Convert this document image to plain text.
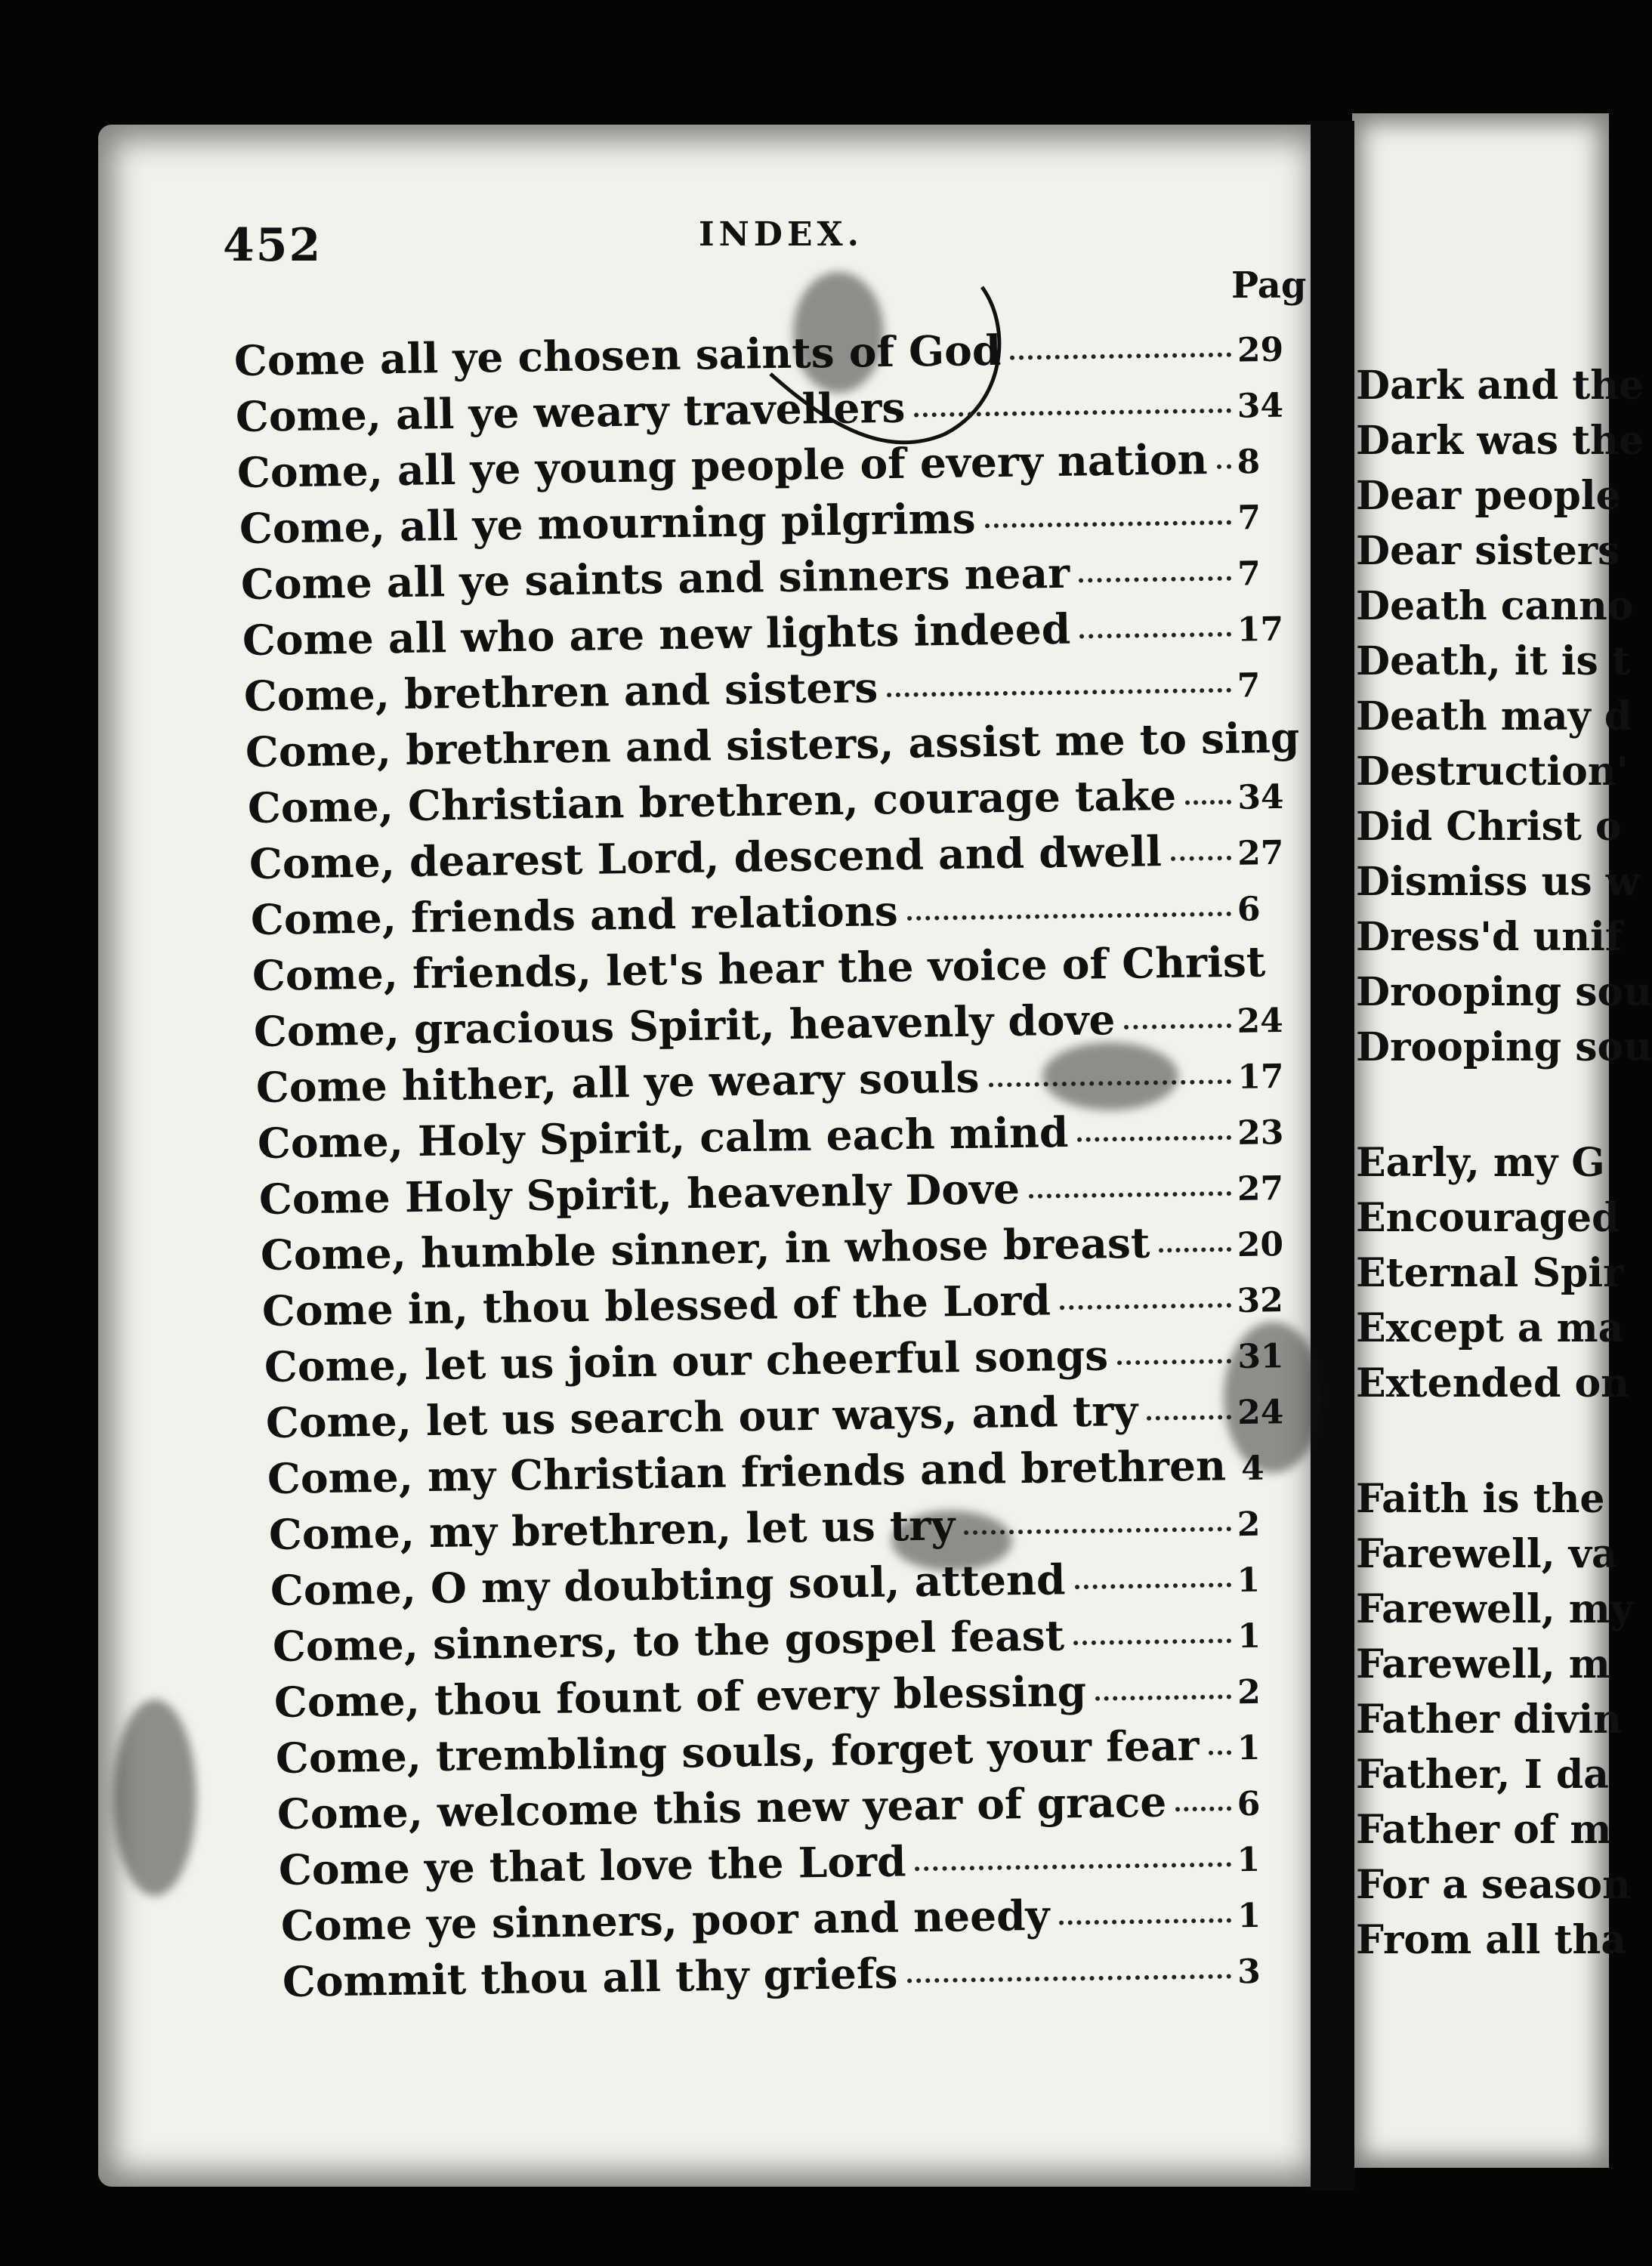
452	INDEX.
Pag
Come all ye chosen saints of God	29
Come, all ye weary travellers	34
Come, all ye young people of every nation 8
Come, all ye mourning pilgrims	7
Come all ye saints and sinners near	7
Come all who are new lights indeed	17
Come, brethren and sisters	7
Come, brethren and sisters, assist me to sing
Come, Christian brethren, courage take 34
Come, dearest Lord, descend and dwell 27
Come, friends and relations	6
Come, friends, let's hear the voice of Christ
Come, gracious Spirit, heavenly dove	24
Come hither, all ye weary souls	17
Come, Holy Spirit, calm each mind	23
Come Holy Spirit, heavenly Dove	27
Come, humble sinner, in whose breast	20
Come in, thou blessed of the Lord	32
Come, let us join our cheerful songs	31
Come, let us search our ways, and try	24
Come, my Christian friends and brethren 4
Come, my brethren, let us try	2
Come, O my doubting soul, attend	1
Come, sinners, to the gospel feast	1
Come, thou fount of every blessing	2
Come, trembling souls, forget your fear 1
Come, welcome this new year of grace 6
Come ye that love the Lord	1
Come ye sinners, poor and needy	1
Commit thou all thy griefs	3
Dark and the
Dark was the
Dear people
Dear sisters
Death canno
Death, it is t
Death may d
Destruction'
Did Christ o
Dismiss us w
Dress'd unif
Drooping sou
Drooping sou
Early, my G
Encouraged
Eternal Spir
Except a ma
Extended on
Faith is the
Farewell, va
Farewell, my
Farewell, m
Father divin
Father, I da
Father of m
For a season
From all tha
